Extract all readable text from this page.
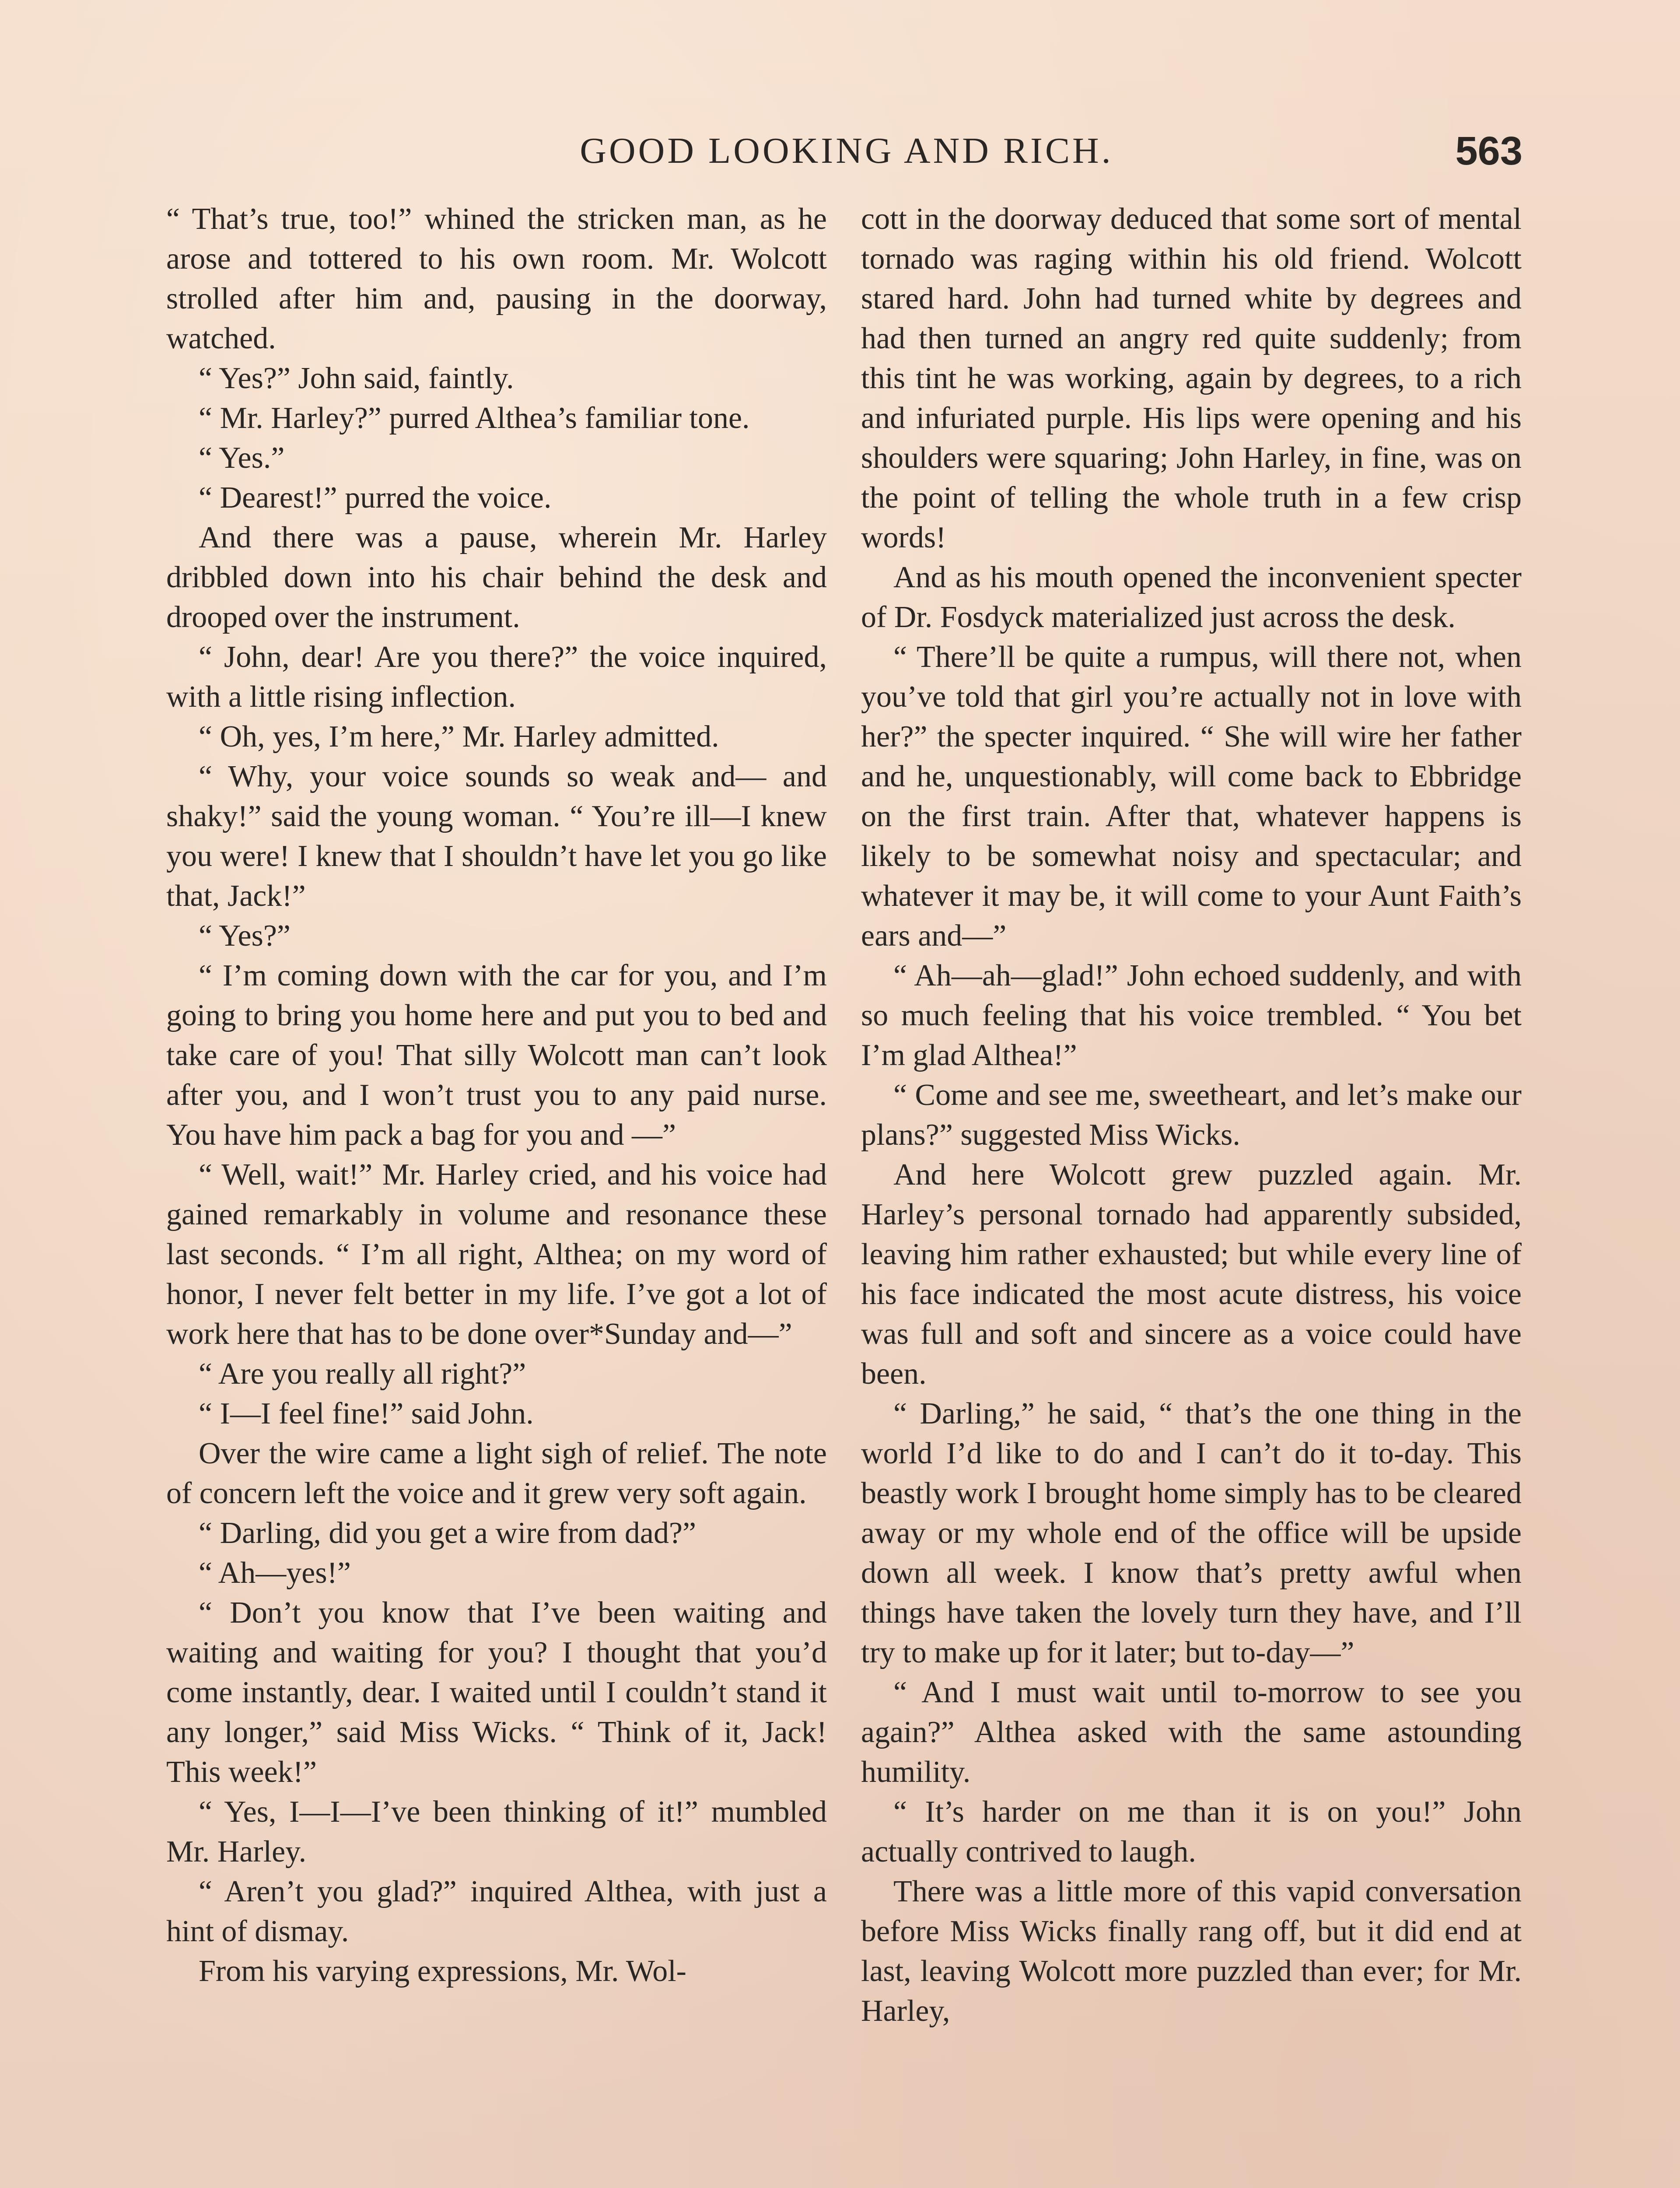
GOOD LOOKING AND RICH.	563

“ That’s true, too!” whined the stricken man, as he arose and tottered to his own room. Mr. Wolcott strolled after him and, pausing in the doorway, watched.

“ Yes?” John said, faintly.

“ Mr. Harley?” purred Althea’s familiar tone.

“ Yes.”

“ Dearest!” purred the voice.

And there was a pause, wherein Mr. Harley dribbled down into his chair behind the desk and drooped over the instrument.

“ John, dear! Are you there?” the voice inquired, with a little rising inflection.

“ Oh, yes, I’m here,” Mr. Harley admitted.

“ Why, your voice sounds so weak and— and shaky!” said the young woman. “ You’re ill—I knew you were! I knew that I shouldn’t have let you go like that, Jack!”

“ Yes?”

“ I’m coming down with the car for you, and I’m going to bring you home here and put you to bed and take care of you! That silly Wolcott man can’t look after you, and I won’t trust you to any paid nurse. You have him pack a bag for you and —”

“ Well, wait!” Mr. Harley cried, and his voice had gained remarkably in volume and resonance these last seconds. “ I’m all right, Althea; on my word of honor, I never felt better in my life. I’ve got a lot of work here that has to be done over*Sunday and—”

“ Are you really all right?”

“ I—I feel fine!” said John.

Over the wire came a light sigh of relief. The note of concern left the voice and it grew very soft again.

“ Darling, did you get a wire from dad?”

“ Ah—yes!”

“ Don’t you know that I’ve been waiting and waiting and waiting for you? I thought that you’d come instantly, dear. I waited until I couldn’t stand it any longer,” said Miss Wicks. “ Think of it, Jack! This week!”

“ Yes, I—I—I’ve been thinking of it!” mumbled Mr. Harley.

“ Aren’t you glad?” inquired Althea, with just a hint of dismay.

From his varying expressions, Mr. Wol-

cott in the doorway deduced that some sort of mental tornado was raging within his old friend. Wolcott stared hard. John had turned white by degrees and had then turned an angry red quite suddenly; from this tint he was working, again by degrees, to a rich and infuriated purple. His lips were opening and his shoulders were squaring; John Harley, in fine, was on the point of telling the whole truth in a few crisp words!

And as his mouth opened the inconvenient specter of Dr. Fosdyck materialized just across the desk.

“ There’ll be quite a rumpus, will there not, when you’ve told that girl you’re actually not in love with her?” the specter inquired. “ She will wire her father and he, unquestionably, will come back to Ebbridge on the first train. After that, whatever happens is likely to be somewhat noisy and spectacular; and whatever it may be, it will come to your Aunt Faith’s ears and—”

“ Ah—ah—glad!” John echoed suddenly, and with so much feeling that his voice trembled. “ You bet I’m glad Althea!”

“ Come and see me, sweetheart, and let’s make our plans?” suggested Miss Wicks.

And here Wolcott grew puzzled again. Mr. Harley’s personal tornado had apparently subsided, leaving him rather exhausted; but while every line of his face indicated the most acute distress, his voice was full and soft and sincere as a voice could have been.

“ Darling,” he said, “ that’s the one thing in the world I’d like to do and I can’t do it to-day. This beastly work I brought home simply has to be cleared away or my whole end of the office will be upside down all week. I know that’s pretty awful when things have taken the lovely turn they have, and I’ll try to make up for it later; but to-day—”

“ And I must wait until to-morrow to see you again?” Althea asked with the same astounding humility.

“ It’s harder on me than it is on you!” John actually contrived to laugh.

There was a little more of this vapid conversation before Miss Wicks finally rang off, but it did end at last, leaving Wolcott more puzzled than ever; for Mr. Harley,
